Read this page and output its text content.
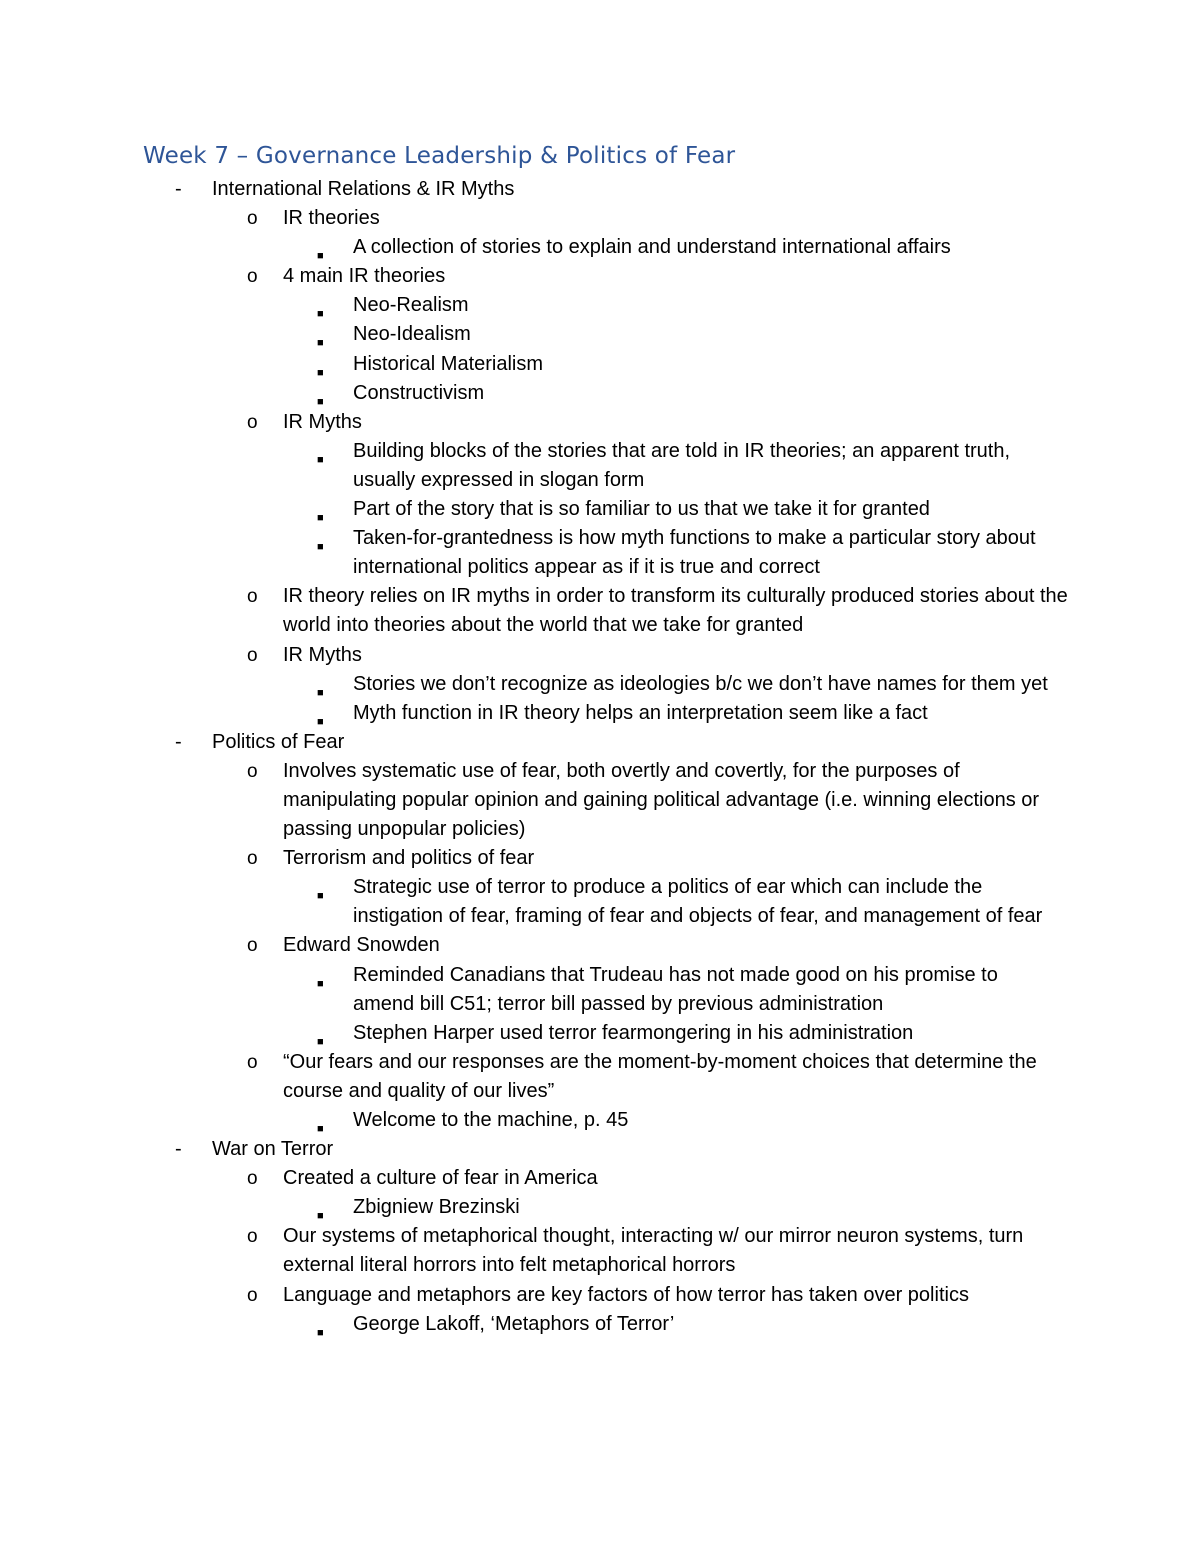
Week 7 – Governance Leadership & Politics of Fear
- International Relations & IR Myths
o IR theories
■ A collection of stories to explain and understand international affairs
o 4 main IR theories
■ Neo-Realism
■ Neo-Idealism
■ Historical Materialism
■ Constructivism
o IR Myths
■ Building blocks of the stories that are told in IR theories; an apparent truth, usually expressed in slogan form
■ Part of the story that is so familiar to us that we take it for granted
■ Taken-for-grantedness is how myth functions to make a particular story about international politics appear as if it is true and correct
o IR theory relies on IR myths in order to transform its culturally produced stories about the world into theories about the world that we take for granted
o IR Myths
■ Stories we don’t recognize as ideologies b/c we don’t have names for them yet
■ Myth function in IR theory helps an interpretation seem like a fact
- Politics of Fear
o Involves systematic use of fear, both overtly and covertly, for the purposes of manipulating popular opinion and gaining political advantage (i.e. winning elections or passing unpopular policies)
o Terrorism and politics of fear
■ Strategic use of terror to produce a politics of ear which can include the instigation of fear, framing of fear and objects of fear, and management of fear
o Edward Snowden
■ Reminded Canadians that Trudeau has not made good on his promise to amend bill C51; terror bill passed by previous administration
■ Stephen Harper used terror fearmongering in his administration
o “Our fears and our responses are the moment-by-moment choices that determine the course and quality of our lives”
■ Welcome to the machine, p. 45
- War on Terror
o Created a culture of fear in America
■ Zbigniew Brezinski
o Our systems of metaphorical thought, interacting w/ our mirror neuron systems, turn external literal horrors into felt metaphorical horrors
o Language and metaphors are key factors of how terror has taken over politics
■ George Lakoff, ‘Metaphors of Terror’
